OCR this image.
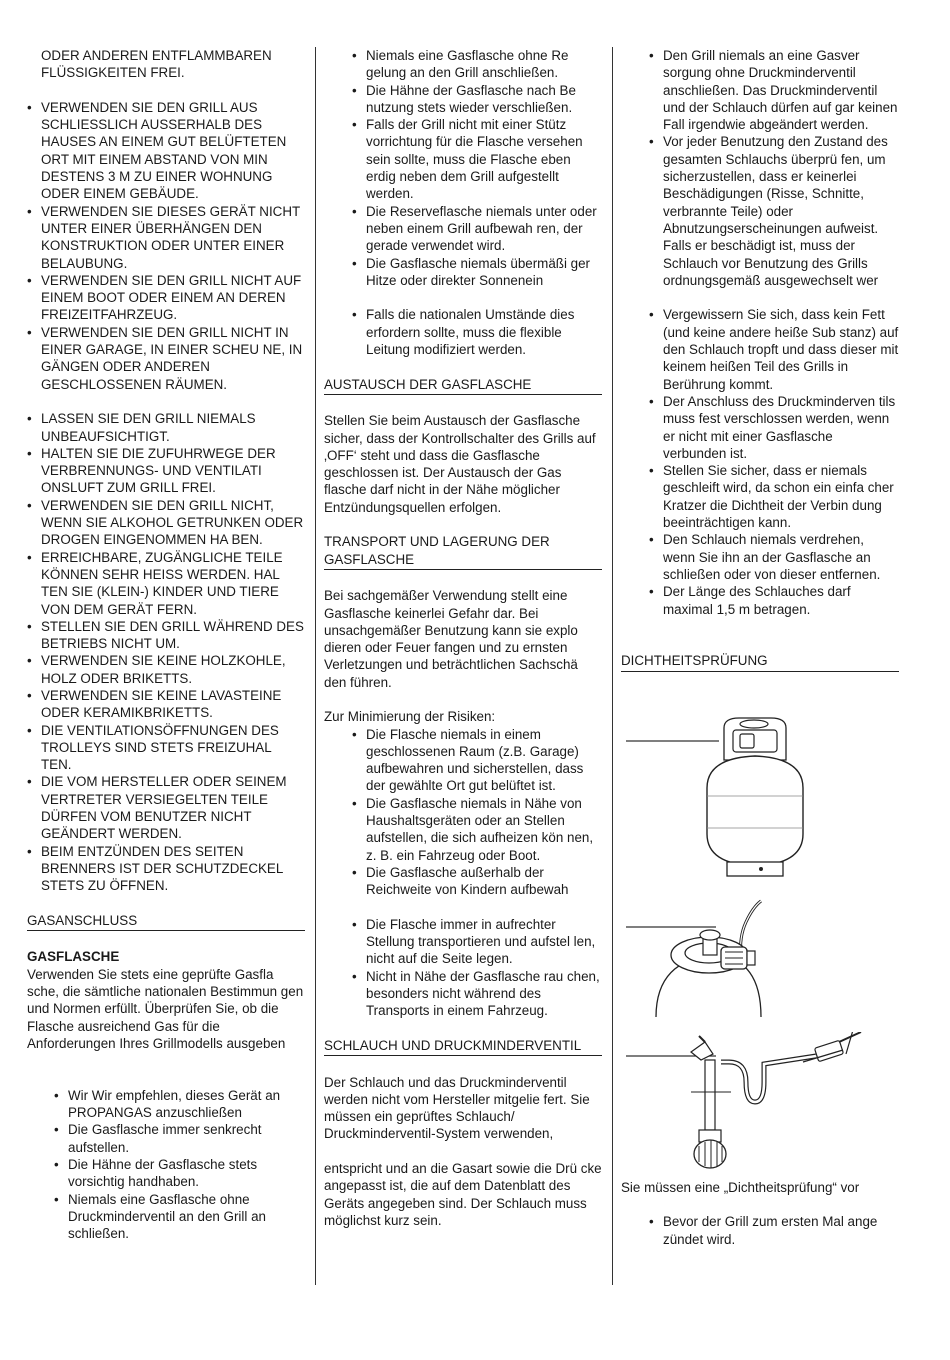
ODER ANDEREN ENTFLAMMBAREN
FLÜSSIGKEITEN FREI.
• VERWENDEN SIE DEN GRILL AUS SCHLIESSLICH AUSSERHALB DES HAUSES AN EINEM GUT BELÜFTETEN ORT MIT EINEM ABSTAND VON MIN DESTENS 3 M ZU EINER WOHNUNG ODER EINEM GEBÄUDE.
• VERWENDEN SIE DIESES GERÄT NICHT UNTER EINER ÜBERHÄNGEN DEN KONSTRUKTION ODER UNTER EINER BELAUBUNG.
• VERWENDEN SIE DEN GRILL NICHT AUF EINEM BOOT ODER EINEM AN DEREN FREIZEITFAHRZEUG.
• VERWENDEN SIE DEN GRILL NICHT IN EINER GARAGE, IN EINER SCHEU NE, IN GÄNGEN ODER ANDEREN GESCHLOSSENEN RÄUMEN.
• LASSEN SIE DEN GRILL NIEMALS UNBEAUFSICHTIGT.
• HALTEN SIE DIE ZUFUHRWEGE DER VERBRENNUNGS- UND VENTILATI ONSLUFT ZUM GRILL FREI.
• VERWENDEN SIE DEN GRILL NICHT, WENN SIE ALKOHOL GETRUNKEN ODER DROGEN EINGENOMMEN HA BEN.
• ERREICHBARE, ZUGÄNGLICHE TEILE KÖNNEN SEHR HEISS WERDEN. HAL TEN SIE (KLEIN-) KINDER UND TIERE VON DEM GERÄT FERN.
• STELLEN SIE DEN GRILL WÄHREND DES BETRIEBS NICHT UM.
• VERWENDEN SIE KEINE HOLZKOHLE, HOLZ ODER BRIKETTS.
• VERWENDEN SIE KEINE LAVASTEINE ODER KERAMIKBRIKETTS.
• DIE VENTILATIONSÖFFNUNGEN DES TROLLEYS SIND STETS FREIZUHAL TEN.
• DIE VOM HERSTELLER ODER SEINEM VERTRETER VERSIEGELTEN TEILE DÜRFEN VOM BENUTZER NICHT GEÄNDERT WERDEN.
• BEIM ENTZÜNDEN DES SEITEN BRENNERS IST DER SCHUTZDECKEL STETS ZU ÖFFNEN.

GASANSCHLUSS

GASFLASCHE

Verwenden Sie stets eine geprüfte Gasfla sche, die sämtliche nationalen Bestimmun gen und Normen erfüllt. Überprüfen Sie, ob die Flasche ausreichend Gas für die Anforderungen Ihres Grillmodells ausgeben

• Wir Wir empfehlen, dieses Gerät an PROPANGAS anzuschließen
• Die Gasflasche immer senkrecht aufstellen.
• Die Hähne der Gasflasche stets vorsichtig handhaben.
• Niemals eine Gasflasche ohne Druckminderventil an den Grill an schließen.
• Niemals eine Gasflasche ohne Re gelung an den Grill anschließen.
• Die Hähne der Gasflasche nach Be nutzung stets wieder verschließen.
• Falls der Grill nicht mit einer Stütz vorrichtung für die Flasche versehen sein sollte, muss die Flasche eben erdig neben dem Grill aufgestellt werden.
• Die Reserveflasche niemals unter oder neben einem Grill aufbewah ren, der gerade verwendet wird.
• Die Gasflasche niemals übermäßi ger Hitze oder direkter Sonnenein
• Falls die nationalen Umstände dies erfordern sollte, muss die flexible Leitung modifiziert werden.

AUSTAUSCH DER GASFLASCHE

Stellen Sie beim Austausch der Gasflasche sicher, dass der Kontrollschalter des Grills auf ‚OFF‘ steht und dass die Gasflasche geschlossen ist. Der Austausch der Gas flasche darf nicht in der Nähe möglicher Entzündungsquellen erfolgen.

TRANSPORT UND LAGERUNG DER GASFLASCHE

Bei sachgemäßer Verwendung stellt eine Gasflasche keinerlei Gefahr dar. Bei unsachgemäßer Benutzung kann sie explo dieren oder Feuer fangen und zu ernsten Verletzungen und beträchtlichen Sachschä den führen.

Zur Minimierung der Risiken:

• Die Flasche niemals in einem geschlossenen Raum (z.B. Garage) aufbewahren und sicherstellen, dass der gewählte Ort gut belüftet ist.
• Die Gasflasche niemals in Nähe von Haushaltsgeräten oder an Stellen aufstellen, die sich aufheizen kön nen, z. B. ein Fahrzeug oder Boot.
• Die Gasflasche außerhalb der Reichweite von Kindern aufbewah
• Die Flasche immer in aufrechter Stellung transportieren und aufstel len, nicht auf die Seite legen.
• Nicht in Nähe der Gasflasche rau chen, besonders nicht während des Transports in einem Fahrzeug.

SCHLAUCH UND DRUCKMINDERVENTIL

Der Schlauch und das Druckminderventil werden nicht vom Hersteller mitgelie fert. Sie müssen ein geprüftes Schlauch/ Druckminderventil-System verwenden,

entspricht und an die Gasart sowie die Drü cke angepasst ist, die auf dem Datenblatt des Geräts angegeben sind. Der Schlauch muss möglichst kurz sein.

• Den Grill niemals an eine Gasver sorgung ohne Druckminderventil anschließen. Das Druckminderventil und der Schlauch dürfen auf gar keinen Fall irgendwie abgeändert werden.
• Vor jeder Benutzung den Zustand des gesamten Schlauchs überprü fen, um sicherzustellen, dass er keinerlei Beschädigungen (Risse, Schnitte, verbrannte Teile) oder Abnutzungserscheinungen aufweist. Falls er beschädigt ist, muss der Schlauch vor Benutzung des Grills ordnungsgemäß ausgewechselt wer
• Vergewissern Sie sich, dass kein Fett (und keine andere heiße Sub stanz) auf den Schlauch tropft und dass dieser mit keinem heißen Teil des Grills in Berührung kommt.
• Der Anschluss des Druckminderven tils muss fest verschlossen werden, wenn er nicht mit einer Gasflasche verbunden ist.
• Stellen Sie sicher, dass er niemals geschleift wird, da schon ein einfa cher Kratzer die Dichtheit der Verbin dung beeinträchtigen kann.
• Den Schlauch niemals verdrehen, wenn Sie ihn an der Gasflasche an schließen oder von dieser entfernen.
• Der Länge des Schlauches darf maximal 1,5 m betragen.

DICHTHEITSPRÜFUNG

Sie müssen eine „Dichtheitsprüfung“ vor

• Bevor der Grill zum ersten Mal ange zündet wird.
